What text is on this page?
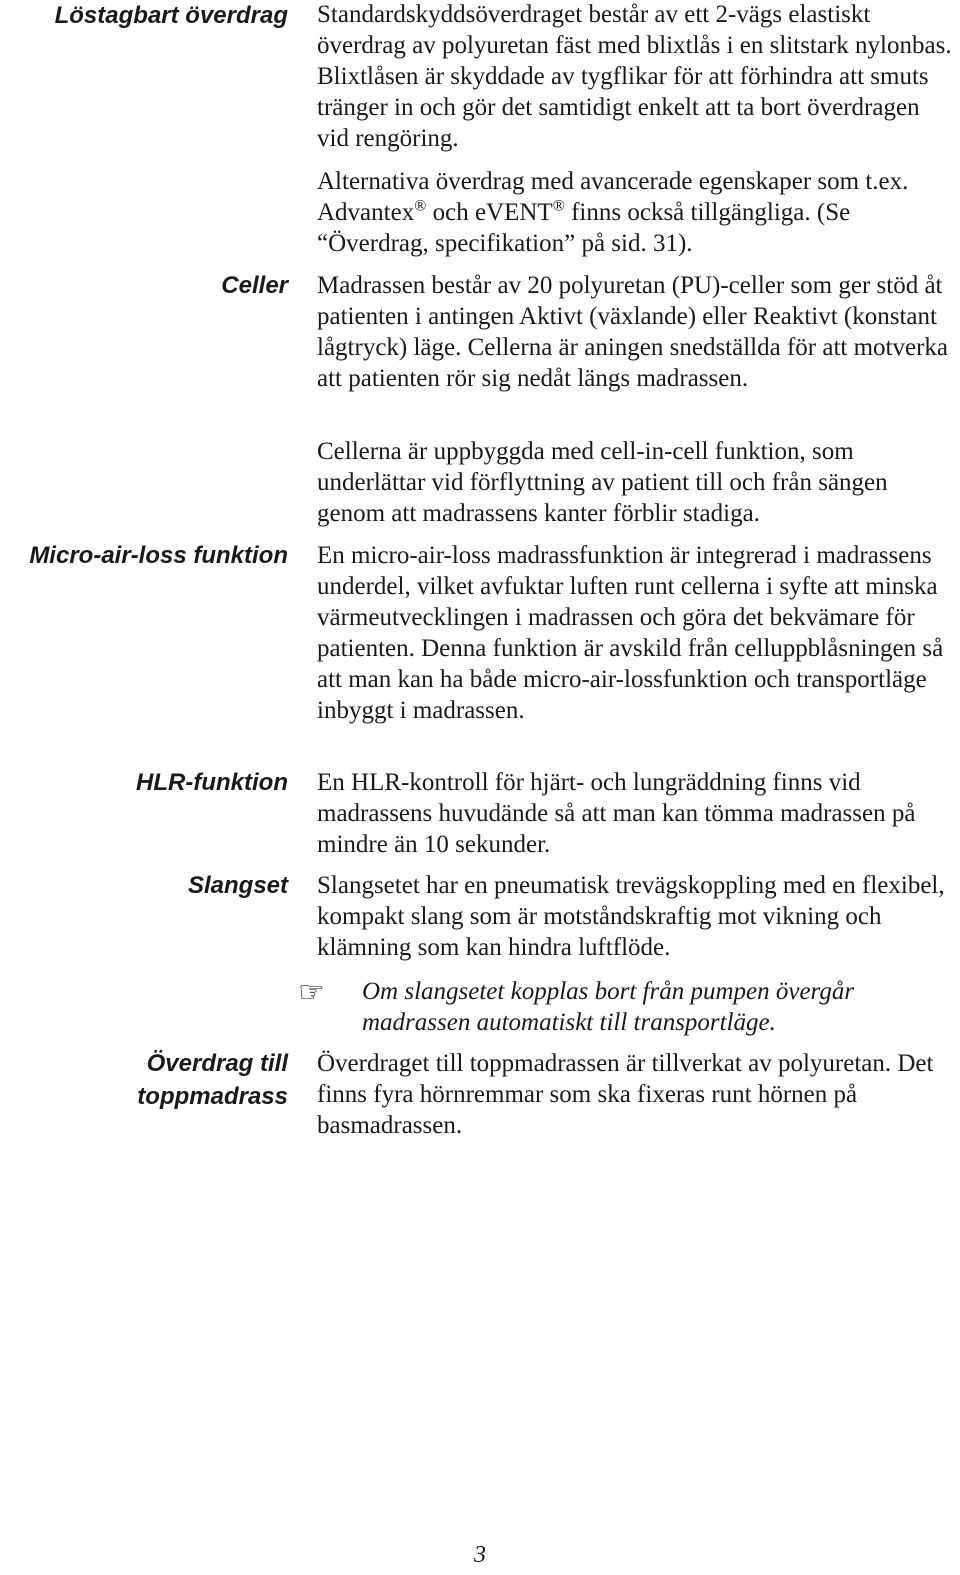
Löstagbart överdrag Standardskyddsöverdraget består av ett 2-vägs elastiskt överdrag av polyuretan fäst med blixtlås i en slitstark nylonbas. Blixtlåsen är skyddade av tygflikar för att förhindra att smuts tränger in och gör det samtidigt enkelt att ta bort överdragen vid rengöring.

Alternativa överdrag med avancerade egenskaper som t.ex. Advantex® och eVENT® finns också tillgängliga. (Se “Överdrag, specifikation” på sid. 31).

Celler Madrassen består av 20 polyuretan (PU)-celler som ger stöd åt patienten i antingen Aktivt (växlande) eller Reaktivt (konstant lågtryck) läge. Cellerna är aningen snedställda för att motverka att patienten rör sig nedåt längs madrassen.

Cellerna är uppbyggda med cell-in-cell funktion, som underlättar vid förflyttning av patient till och från sängen genom att madrassens kanter förblir stadiga.

Micro-air-loss funktion En micro-air-loss madrassfunktion är integrerad i madrassens underdel, vilket avfuktar luften runt cellerna i syfte att minska värmeutvecklingen i madrassen och göra det bekvämare för patienten. Denna funktion är avskild från celluppblåsningen så att man kan ha både micro-air-lossfunktion och transportläge inbyggt i madrassen.

HLR-funktion En HLR-kontroll för hjärt- och lungräddning finns vid madrassens huvudände så att man kan tömma madrassen på mindre än 10 sekunder.

Slangset Slangsetet har en pneumatisk trevägskoppling med en flexibel, kompakt slang som är motståndskraftig mot vikning och klämning som kan hindra luftflöde.

☞	Om slangsetet kopplas bort från pumpen övergår madrassen automatiskt till transportläge.

Överdrag till
toppmadrass

Överdraget till toppmadrassen är tillverkat av polyuretan. Det finns fyra hörnremmar som ska fixeras runt hörnen på basmadrassen.

3
